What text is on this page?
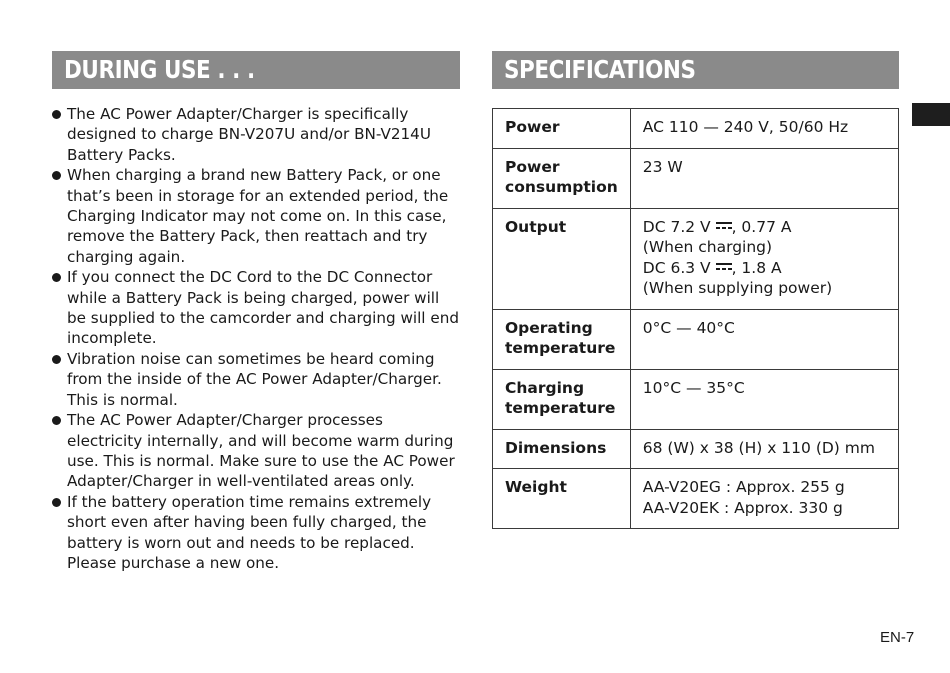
DURING USE . . .	SPECIFICATIONS
The AC Power Adapter/Charger is specifically designed to charge BN-V207U and/or BN-V214U Battery Packs.
When charging a brand new Battery Pack, or one that’s been in storage for an extended period, the Charging Indicator may not come on. In this case, remove the Battery Pack, then reattach and try charging again.
If you connect the DC Cord to the DC Connector while a Battery Pack is being charged, power will be supplied to the camcorder and charging will end incomplete.
Vibration noise can sometimes be heard coming from the inside of the AC Power Adapter/Charger. This is normal.
The AC Power Adapter/Charger processes electricity internally, and will become warm during use. This is normal. Make sure to use the AC Power Adapter/Charger in well-ventilated areas only.
If the battery operation time remains extremely short even after having been fully charged, the battery is worn out and needs to be replaced. Please purchase a new one.
Power	AC 110 — 240 V, 50/60 Hz
Power consumption	23 W
Output	DC 7.2 V , 0.77 A
(When charging)
DC 6.3 V , 1.8 A
(When supplying power)

Operating temperature	0°C — 40°C
Charging temperature	10°C — 35°C
Dimensions	68 (W) x 38 (H) x 110 (D) mm
Weight	AA-V20EG : Approx. 255 g
AA-V20EK : Approx. 330 g
EN-7
